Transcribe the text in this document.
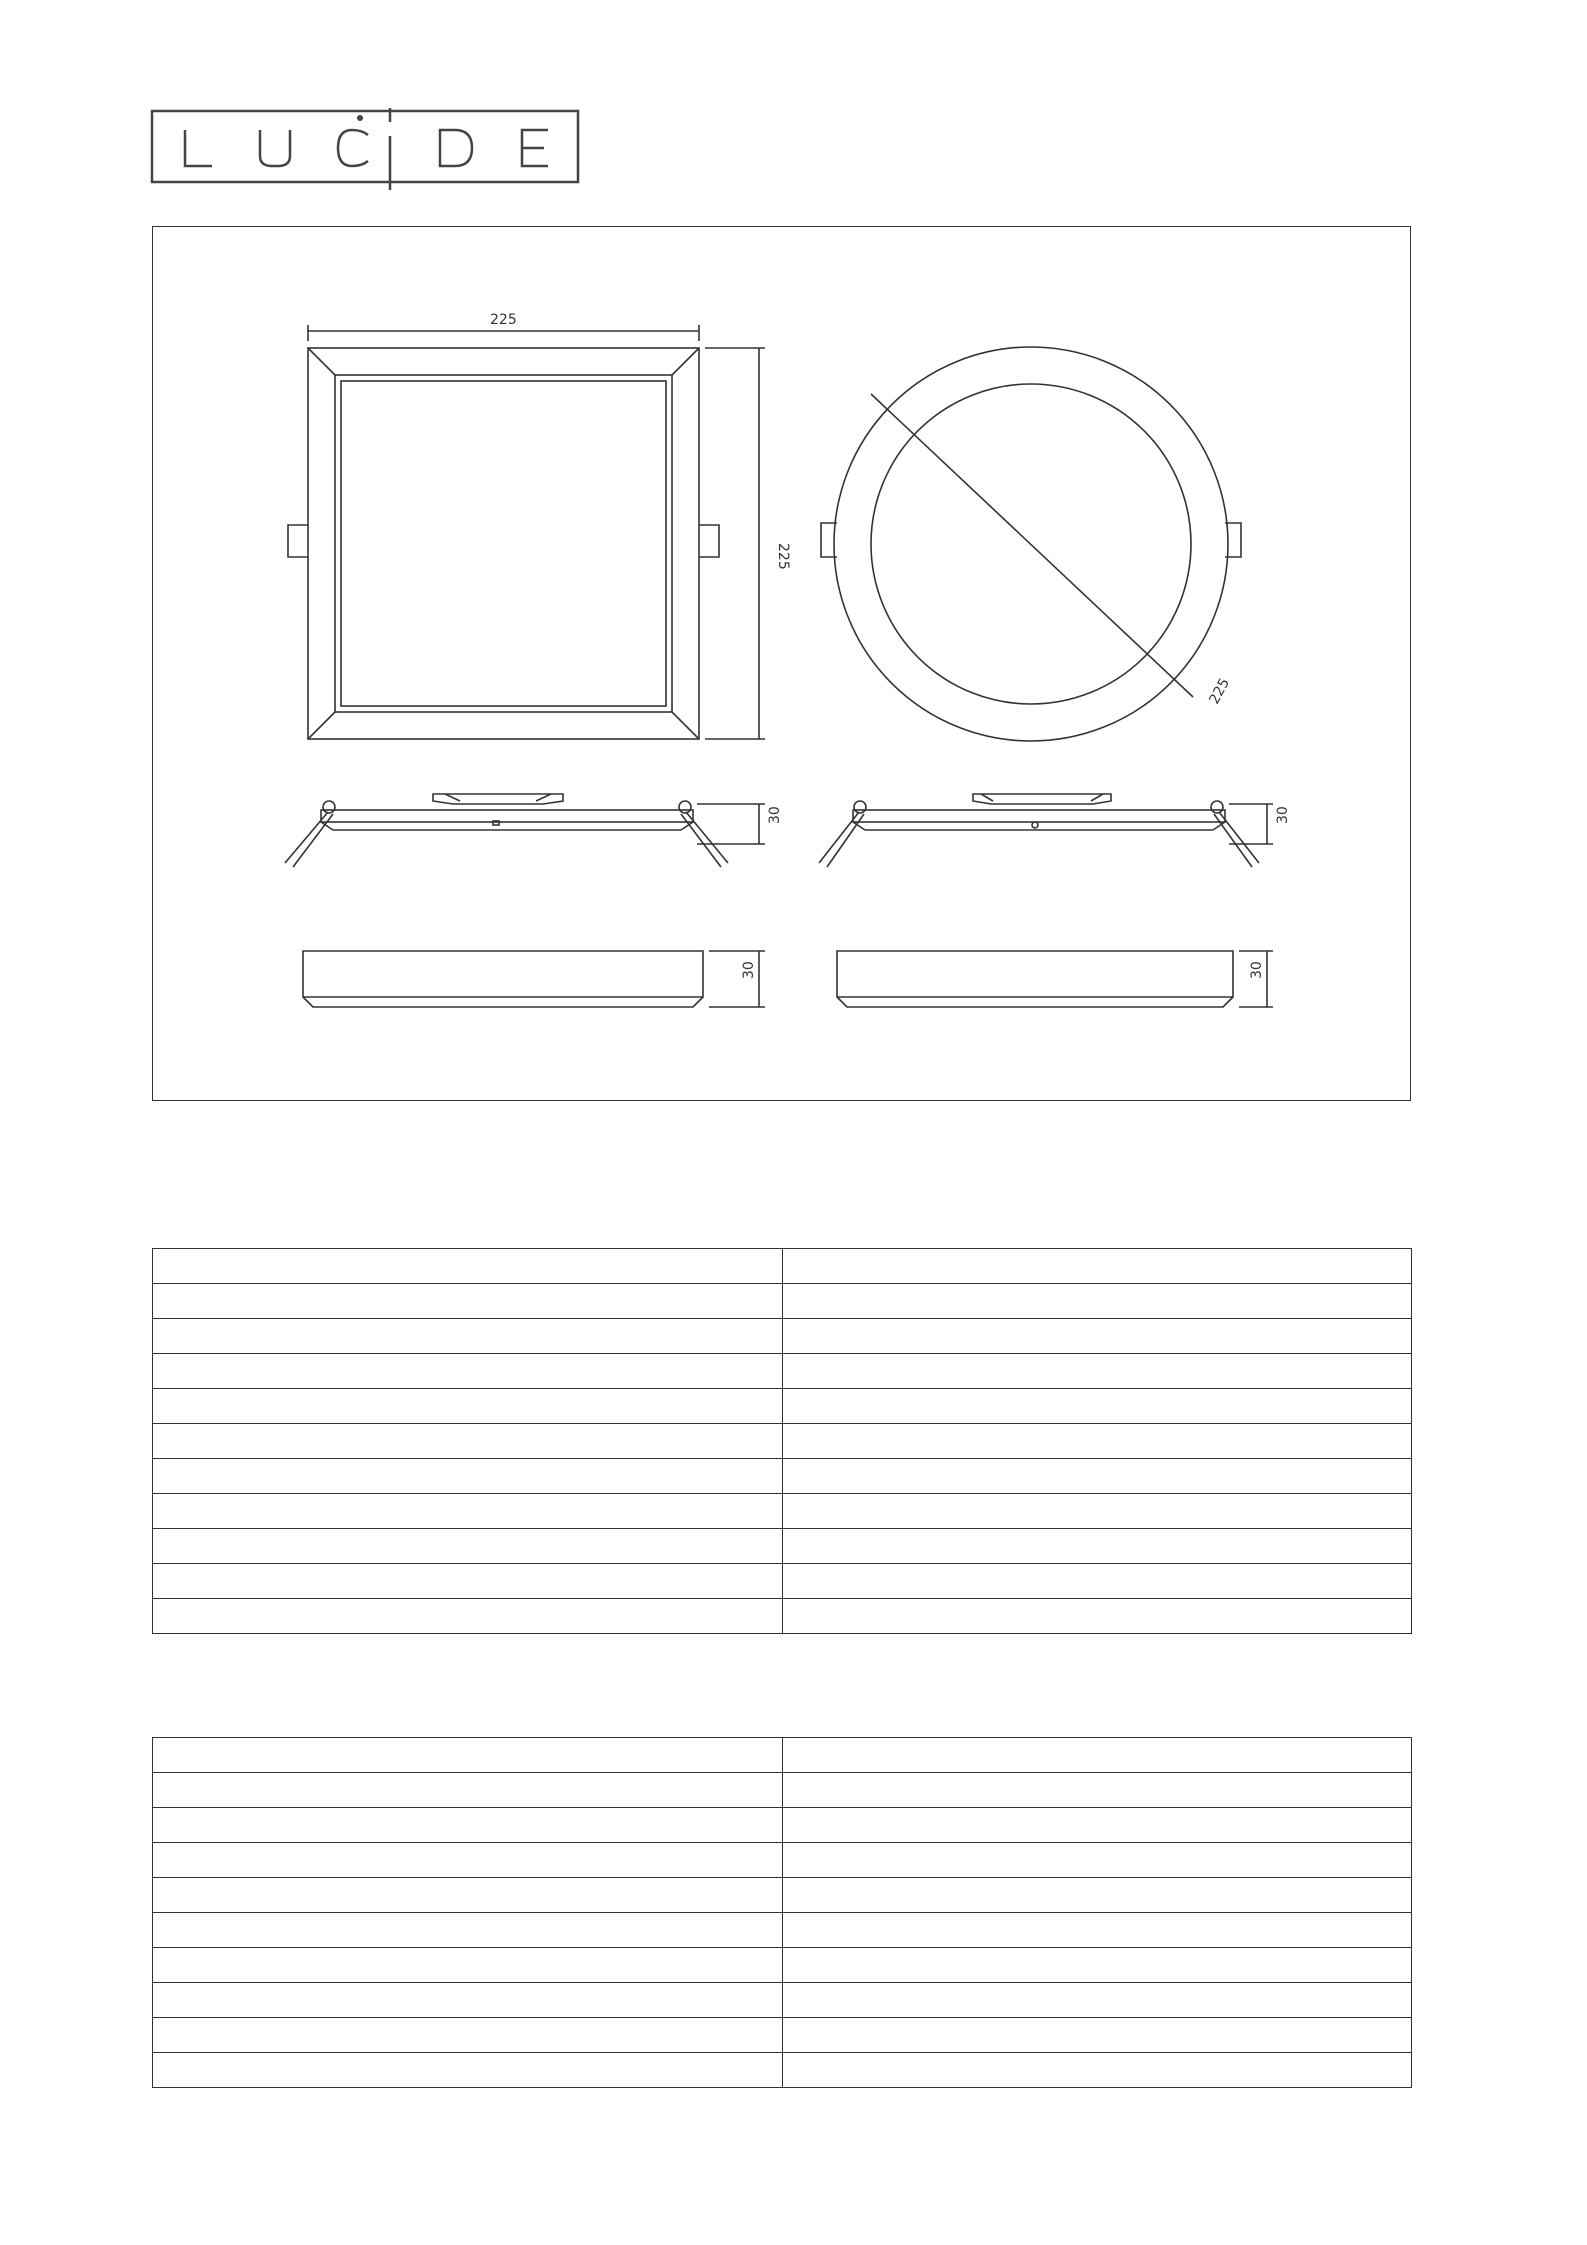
225
225
225
30	30
30	30
